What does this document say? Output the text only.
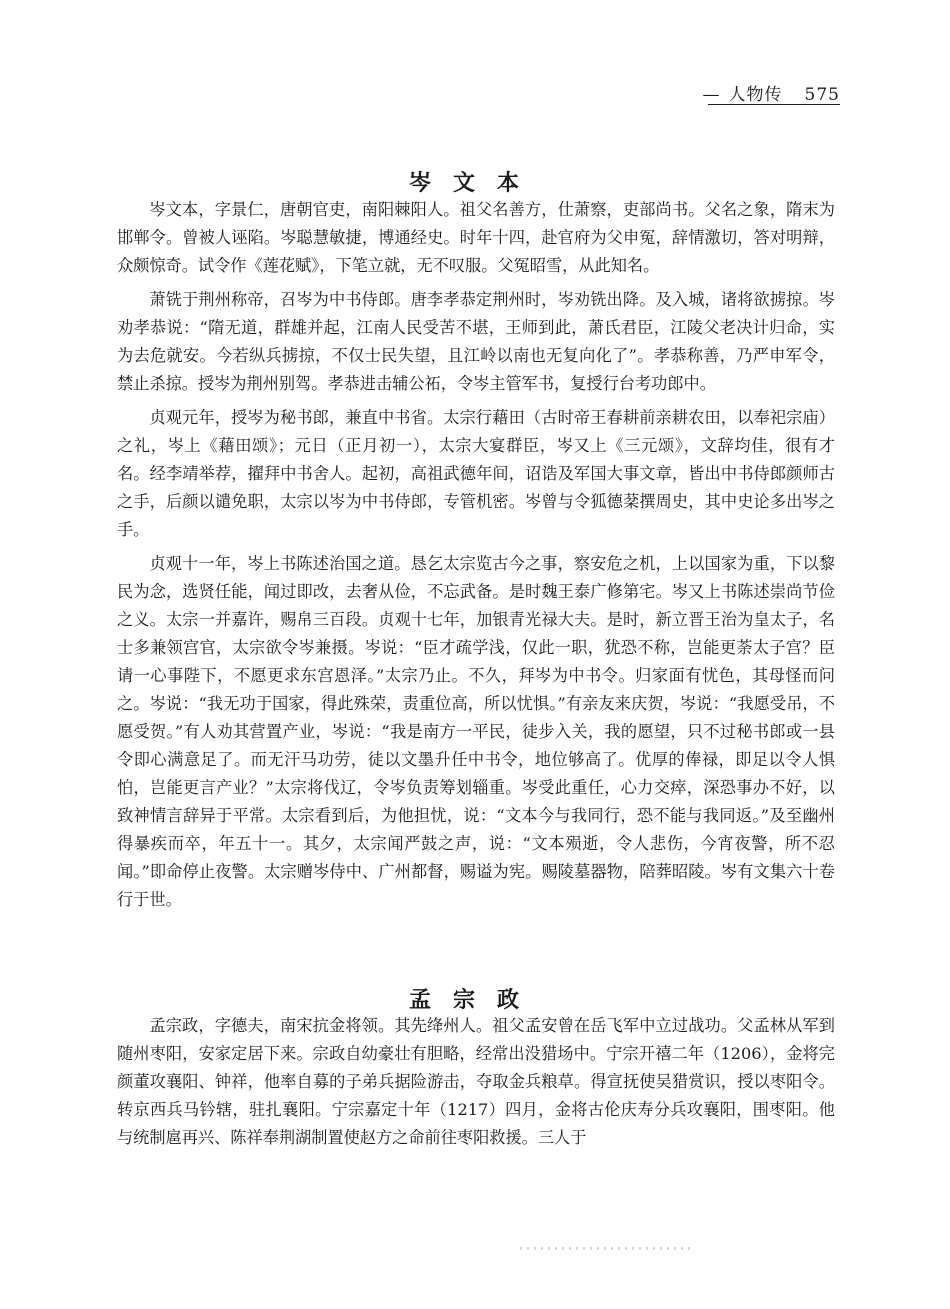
— 人物传 575
岑文本

岑文本，字景仁，唐朝官吏，南阳棘阳人。祖父名善方，仕萧察，吏部尚书。父名之象，隋末为邯郸令。曾被人诬陷。岑聪慧敏捷，博通经史。时年十四，赴官府为父申冤，辞情激切，答对明辩，众颇惊奇。试令作《莲花赋》，下笔立就，无不叹服。父冤昭雪，从此知名。

萧铣于荆州称帝，召岑为中书侍郎。唐李孝恭定荆州时，岑劝铣出降。及入城，诸将欲掳掠。岑劝孝恭说：“隋无道，群雄并起，江南人民受苦不堪，王师到此，萧氏君臣，江陵父老决计归命，实为去危就安。今若纵兵掳掠，不仅士民失望，且江岭以南也无复向化了”。孝恭称善，乃严申军令，禁止杀掠。授岑为荆州别驾。孝恭进击辅公祏，令岑主管军书，复授行台考功郎中。

贞观元年，授岑为秘书郎，兼直中书省。太宗行藉田（古时帝王春耕前亲耕农田，以奉祀宗庙）之礼，岑上《藉田颂》；元日（正月初一），太宗大宴群臣，岑又上《三元颂》，文辞均佳，很有才名。经李靖举荐，擢拜中书舍人。起初，高祖武德年间，诏诰及军国大事文章，皆出中书侍郎颜师古之手，后颜以谴免职，太宗以岑为中书侍郎，专管机密。岑曾与令狐德棻撰周史，其中史论多出岑之手。

贞观十一年，岑上书陈述治国之道。恳乞太宗览古今之事，察安危之机，上以国家为重，下以黎民为念，选贤任能，闻过即改，去奢从俭，不忘武备。是时魏王泰广修第宅。岑又上书陈述崇尚节俭之义。太宗一并嘉许，赐帛三百段。贞观十七年，加银青光禄大夫。是时，新立晋王治为皇太子，名士多兼领宫官，太宗欲令岑兼摄。岑说：“臣才疏学浅，仅此一职，犹恐不称，岂能更荼太子宫？臣请一心事陛下，不愿更求东宫恩泽。”太宗乃止。不久，拜岑为中书令。归家面有忧色，其母怪而问之。岑说：“我无功于国家，得此殊荣，责重位高，所以忧惧。”有亲友来庆贺，岑说：“我愿受吊，不愿受贺。”有人劝其营置产业，岑说：“我是南方一平民，徒步入关，我的愿望，只不过秘书郎或一县令即心满意足了。而无汗马功劳，徒以文墨升任中书令，地位够高了。优厚的俸禄，即足以令人惧怕，岂能更言产业？”太宗将伐辽，令岑负责筹划辎重。岑受此重任，心力交瘁，深恐事办不好，以致神情言辞异于平常。太宗看到后，为他担忧，说：“文本今与我同行，恐不能与我同返。”及至幽州得暴疾而卒，年五十一。其夕，太宗闻严鼓之声，说：“文本殒逝，令人悲伤，今宵夜警，所不忍闻。”即命停止夜警。太宗赠岑侍中、广州都督，赐谥为宪。赐陵墓器物，陪葬昭陵。岑有文集六十卷行于世。

孟宗政

孟宗政，字德夫，南宋抗金将领。其先绛州人。祖父孟安曾在岳飞军中立过战功。父孟林从军到随州枣阳，安家定居下来。宗政自幼豪壮有胆略，经常出没猎场中。宁宗开禧二年（1206），金将完颜董攻襄阳、钟祥，他率自募的子弟兵据险游击，夺取金兵粮草。得宣抚使吴猎赏识，授以枣阳令。转京西兵马钤辖，驻扎襄阳。宁宗嘉定十年（1217）四月，金将古伦庆寿分兵攻襄阳，围枣阳。他与统制扈再兴、陈祥奉荆湖制置使赵方之命前往枣阳救援。三人于
